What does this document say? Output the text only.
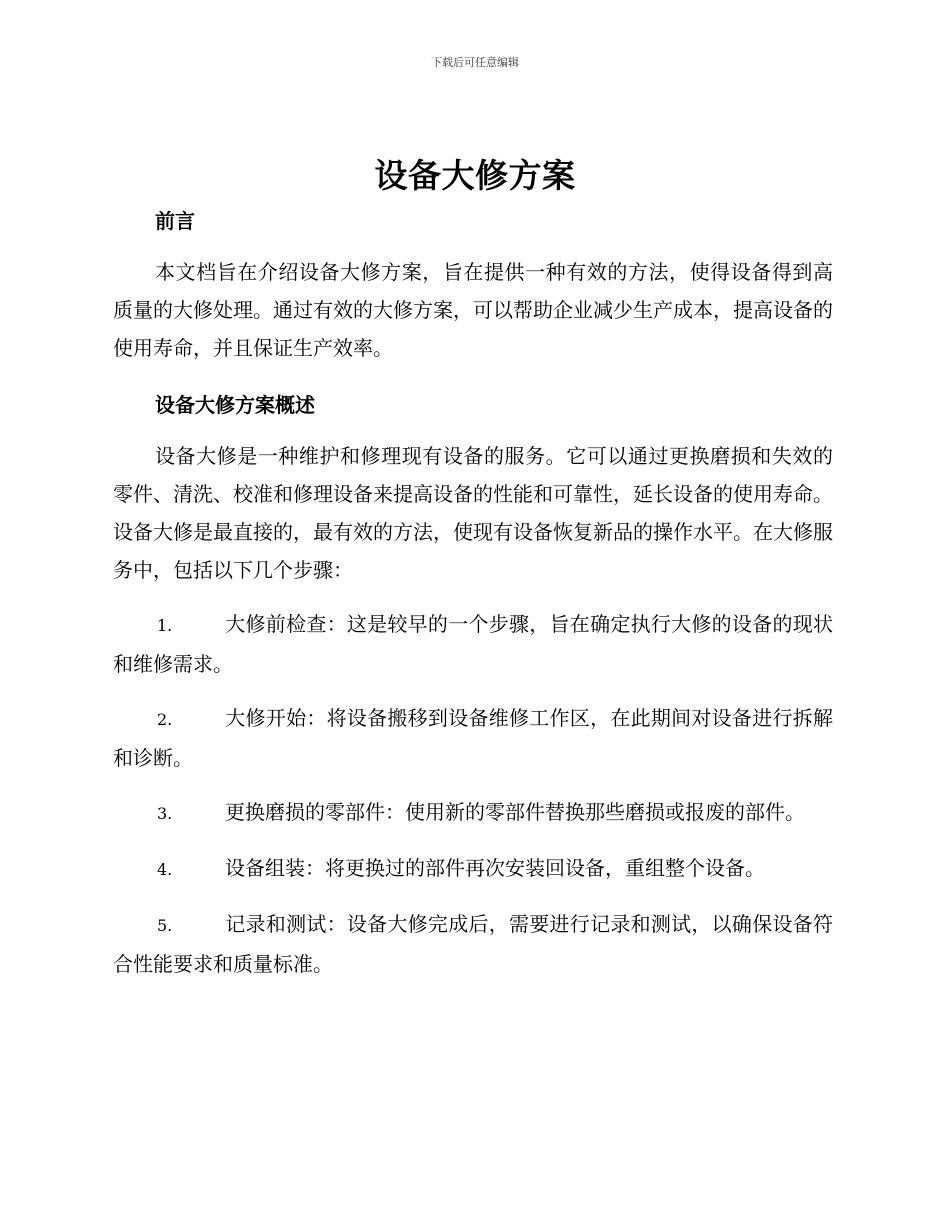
下载后可任意编辑
设备大修方案

前言

本文档旨在介绍设备大修方案，旨在提供一种有效的方法，使得设备得到高质量的大修处理。通过有效的大修方案，可以帮助企业减少生产成本，提高设备的使用寿命，并且保证生产效率。

设备大修方案概述

设备大修是一种维护和修理现有设备的服务。它可以通过更换磨损和失效的零件、清洗、校准和修理设备来提高设备的性能和可靠性，延长设备的使用寿命。设备大修是最直接的，最有效的方法，使现有设备恢复新品的操作水平。在大修服务中，包括以下几个步骤：

1.	大修前检查：这是较早的一个步骤，旨在确定执行大修的设备的现状和维修需求。

2.	大修开始：将设备搬移到设备维修工作区，在此期间对设备进行拆解和诊断。

3.	更换磨损的零部件：使用新的零部件替换那些磨损或报废的部件。

4.	设备组装：将更换过的部件再次安装回设备，重组整个设备。

5.	记录和测试：设备大修完成后，需要进行记录和测试，以确保设备符合性能要求和质量标准。
